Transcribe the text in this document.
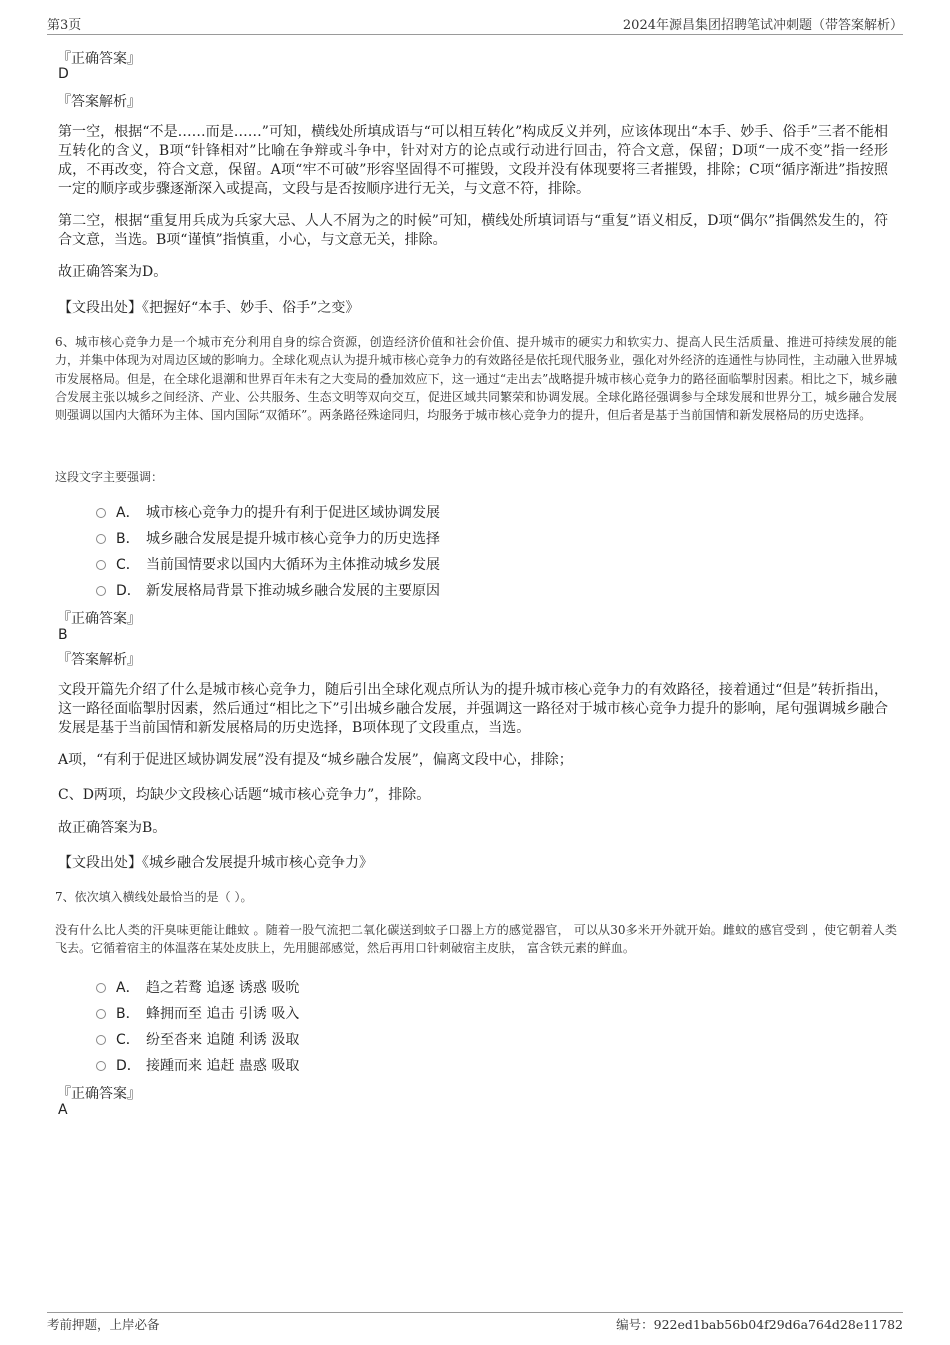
第3页	2024年源昌集团招聘笔试冲刺题（带答案解析）
『正确答案』
D
『答案解析』
第一空，根据“不是……而是……”可知，横线处所填成语与“可以相互转化”构成反义并列，应该体现出“本手、妙手、俗手”三者不能相互转化的含义，B项“针锋相对”比喻在争辩或斗争中，针对对方的论点或行动进行回击，符合文意，保留；D项“一成不变”指一经形成，不再改变，符合文意，保留。A项“牢不可破”形容坚固得不可摧毁，文段并没有体现要将三者摧毁，排除；C项“循序渐进”指按照一定的顺序或步骤逐渐深入或提高，文段与是否按顺序进行无关，与文意不符，排除。
第二空，根据“重复用兵成为兵家大忌、人人不屑为之的时候”可知，横线处所填词语与“重复”语义相反，D项“偶尔”指偶然发生的，符合文意，当选。B项“谨慎”指慎重，小心，与文意无关，排除。
故正确答案为D。
【文段出处】《把握好“本手、妙手、俗手”之变》
6、城市核心竞争力是一个城市充分利用自身的综合资源，创造经济价值和社会价值、提升城市的硬实力和软实力、提高人民生活质量、推进可持续发展的能力，并集中体现为对周边区域的影响力。全球化观点认为提升城市核心竞争力的有效路径是依托现代服务业，强化对外经济的连通性与协同性，主动融入世界城市发展格局。但是，在全球化退潮和世界百年未有之大变局的叠加效应下，这一通过“走出去”战略提升城市核心竞争力的路径面临掣肘因素。相比之下，城乡融合发展主张以城乡之间经济、产业、公共服务、生态文明等双向交互，促进区域共同繁荣和协调发展。全球化路径强调参与全球发展和世界分工，城乡融合发展则强调以国内大循环为主体、国内国际“双循环”。两条路径殊途同归，均服务于城市核心竞争力的提升，但后者是基于当前国情和新发展格局的历史选择。
这段文字主要强调：
A． 城市核心竞争力的提升有利于促进区域协调发展
B． 城乡融合发展是提升城市核心竞争力的历史选择
C． 当前国情要求以国内大循环为主体推动城乡发展
D． 新发展格局背景下推动城乡融合发展的主要原因
『正确答案』
B
『答案解析』
文段开篇先介绍了什么是城市核心竞争力，随后引出全球化观点所认为的提升城市核心竞争力的有效路径，接着通过“但是”转折指出，这一路径面临掣肘因素，然后通过“相比之下”引出城乡融合发展，并强调这一路径对于城市核心竞争力提升的影响，尾句强调城乡融合发展是基于当前国情和新发展格局的历史选择，B项体现了文段重点，当选。
A项，“有利于促进区域协调发展”没有提及“城乡融合发展”，偏离文段中心，排除；
C、D两项，均缺少文段核心话题“城市核心竞争力”，排除。
故正确答案为B。
【文段出处】《城乡融合发展提升城市核心竞争力》
7、依次填入横线处最恰当的是（ ）。
没有什么比人类的汗臭味更能让雌蚊 。随着一股气流把二氧化碳送到蚊子口器上方的感觉器官， 可以从30多米开外就开始。雌蚊的感官受到 ，使它朝着人类飞去。它循着宿主的体温落在某处皮肤上，先用腿部感觉，然后再用口针刺破宿主皮肤， 富含铁元素的鲜血。
A． 趋之若鹜 追逐 诱惑 吸吮
B． 蜂拥而至 追击 引诱 吸入
C． 纷至沓来 追随 利诱 汲取
D． 接踵而来 追赶 蛊惑 吸取
『正确答案』
A
考前押题，上岸必备	编号：922ed1bab56b04f29d6a764d28e11782
